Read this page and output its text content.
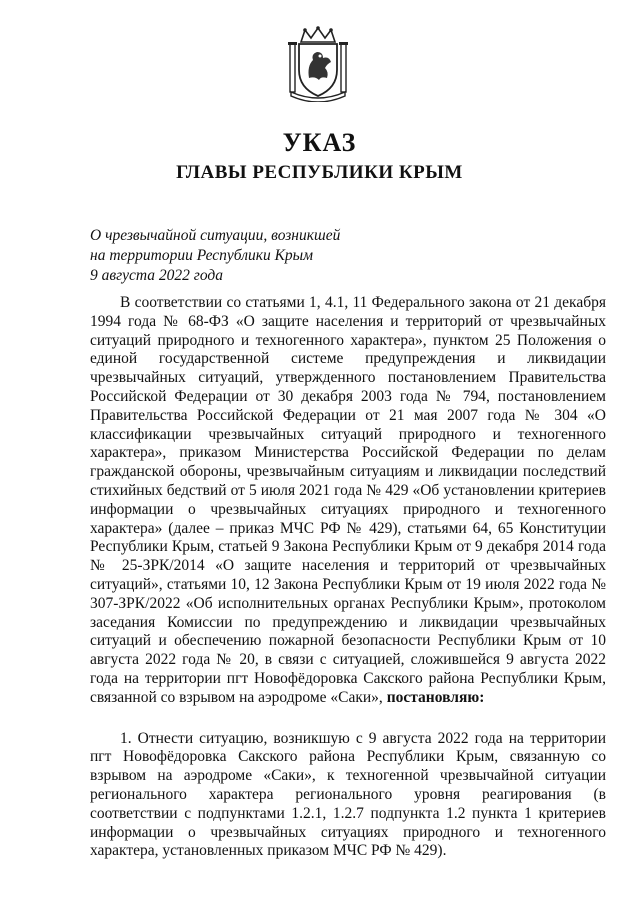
УКАЗ
ГЛАВЫ РЕСПУБЛИКИ КРЫМ
О чрезвычайной ситуации, возникшей
на территории Республики Крым
9 августа 2022 года

В соответствии со статьями 1, 4.1, 11 Федерального закона от 21 декабря 1994 года № 68-ФЗ «О защите населения и территорий от чрезвычайных ситуаций природного и техногенного характера», пунктом 25 Положения о единой государственной системе предупреждения и ликвидации чрезвычайных ситуаций, утвержденного постановлением Правительства Российской Федерации от 30 декабря 2003 года № 794, постановлением Правительства Российской Федерации от 21 мая 2007 года № 304 «О классификации чрезвычайных ситуаций природного и техногенного характера», приказом Министерства Российской Федерации по делам гражданской обороны, чрезвычайным ситуациям и ликвидации последствий стихийных бедствий от 5 июля 2021 года № 429 «Об установлении критериев информации о чрезвычайных ситуациях природного и техногенного характера» (далее – приказ МЧС РФ № 429), статьями 64, 65 Конституции Республики Крым, статьей 9 Закона Республики Крым от 9 декабря 2014 года № 25-ЗРК/2014 «О защите населения и территорий от чрезвычайных ситуаций», статьями 10, 12 Закона Республики Крым от 19 июля 2022 года № 307-ЗРК/2022 «Об исполнительных органах Республики Крым», протоколом заседания Комиссии по предупреждению и ликвидации чрезвычайных ситуаций и обеспечению пожарной безопасности Республики Крым от 10 августа 2022 года № 20, в связи с ситуацией, сложившейся 9 августа 2022 года на территории пгт Новофёдоровка Сакского района Республики Крым, связанной со взрывом на аэродроме «Саки», постановляю:

1. Отнести ситуацию, возникшую с 9 августа 2022 года на территории пгт Новофёдоровка Сакского района Республики Крым, связанную со взрывом на аэродроме «Саки», к техногенной чрезвычайной ситуации регионального характера регионального уровня реагирования (в соответствии с подпунктами 1.2.1, 1.2.7 подпункта 1.2 пункта 1 критериев информации о чрезвычайных ситуациях природного и техногенного характера, установленных приказом МЧС РФ № 429).
